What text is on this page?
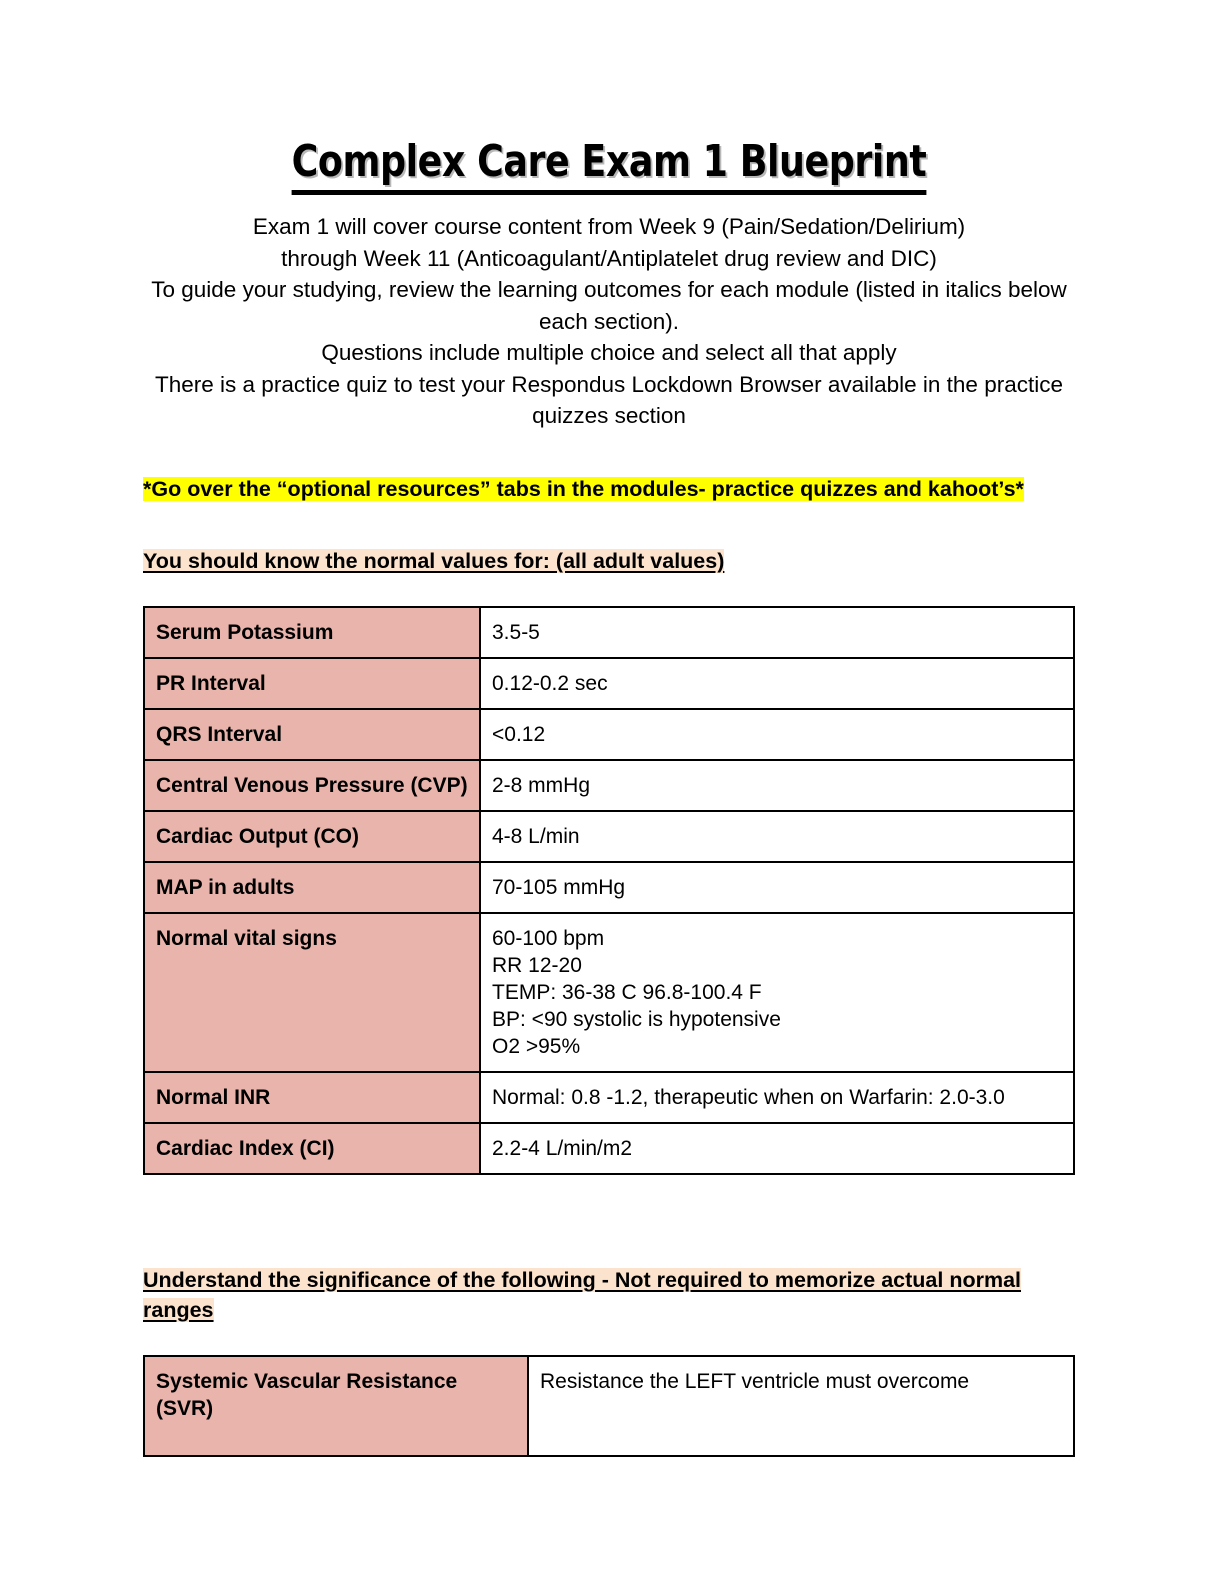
Complex Care Exam 1 Blueprint
Exam 1 will cover course content from Week 9 (Pain/Sedation/Delirium)
through Week 11 (Anticoagulant/Antiplatelet drug review and DIC)
To guide your studying, review the learning outcomes for each module (listed in italics below each section).
Questions include multiple choice and select all that apply
There is a practice quiz to test your Respondus Lockdown Browser available in the practice quizzes section

*Go over the “optional resources” tabs in the modules- practice quizzes and kahoot’s*

You should know the normal values for: (all adult values)

Serum Potassium	3.5-5
PR Interval	0.12-0.2 sec
QRS Interval	<0.12
Central Venous Pressure (CVP)	2-8 mmHg
Cardiac Output (CO)	4-8 L/min
MAP in adults	70-105 mmHg
Normal vital signs	60-100 bpm
RR 12-20
TEMP: 36-38 C 96.8-100.4 F
BP: <90 systolic is hypotensive
O2 >95%

Normal INR	Normal: 0.8 -1.2, therapeutic when on Warfarin: 2.0-3.0
Cardiac Index (CI)	2.2-4 L/min/m2

Understand the significance of the following - Not required to memorize actual normal ranges

Systemic Vascular Resistance (SVR)	Resistance the LEFT ventricle must overcome
